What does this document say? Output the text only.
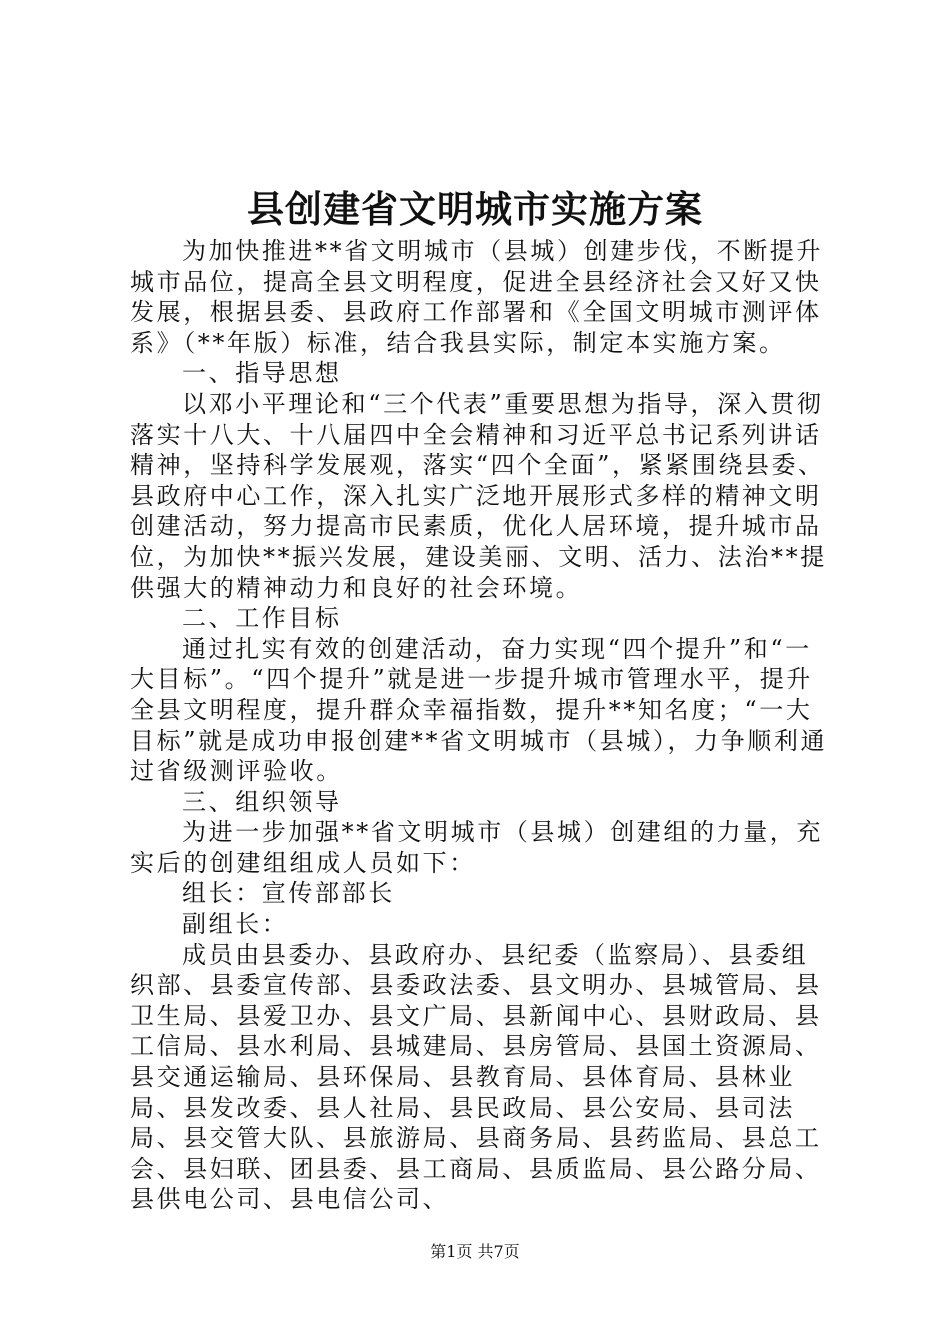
县创建省文明城市实施方案

为加快推进**省文明城市（县城）创建步伐，不断提升城市品位，提高全县文明程度，促进全县经济社会又好又快发展，根据县委、县政府工作部署和《全国文明城市测评体系》（**年版）标准，结合我县实际，制定本实施方案。

一、指导思想

以邓小平理论和“三个代表”重要思想为指导，深入贯彻落实十八大、十八届四中全会精神和习近平总书记系列讲话精神，坚持科学发展观，落实“四个全面”，紧紧围绕县委、县政府中心工作，深入扎实广泛地开展形式多样的精神文明创建活动，努力提高市民素质，优化人居环境，提升城市品位，为加快**振兴发展，建设美丽、文明、活力、法治**提供强大的精神动力和良好的社会环境。

二、工作目标

通过扎实有效的创建活动，奋力实现“四个提升”和“一大目标”。“四个提升”就是进一步提升城市管理水平，提升全县文明程度，提升群众幸福指数，提升**知名度；“一大目标”就是成功申报创建**省文明城市（县城），力争顺利通过省级测评验收。

三、组织领导

为进一步加强**省文明城市（县城）创建组的力量，充实后的创建组组成人员如下：

组长：宣传部部长

副组长：

成员由县委办、县政府办、县纪委（监察局）、县委组织部、县委宣传部、县委政法委、县文明办、县城管局、县卫生局、县爱卫办、县文广局、县新闻中心、县财政局、县工信局、县水利局、县城建局、县房管局、县国土资源局、县交通运输局、县环保局、县教育局、县体育局、县林业局、县发改委、县人社局、县民政局、县公安局、县司法局、县交管大队、县旅游局、县商务局、县药监局、县总工会、县妇联、团县委、县工商局、县质监局、县公路分局、县供电公司、县电信公司、

第1页 共7页
